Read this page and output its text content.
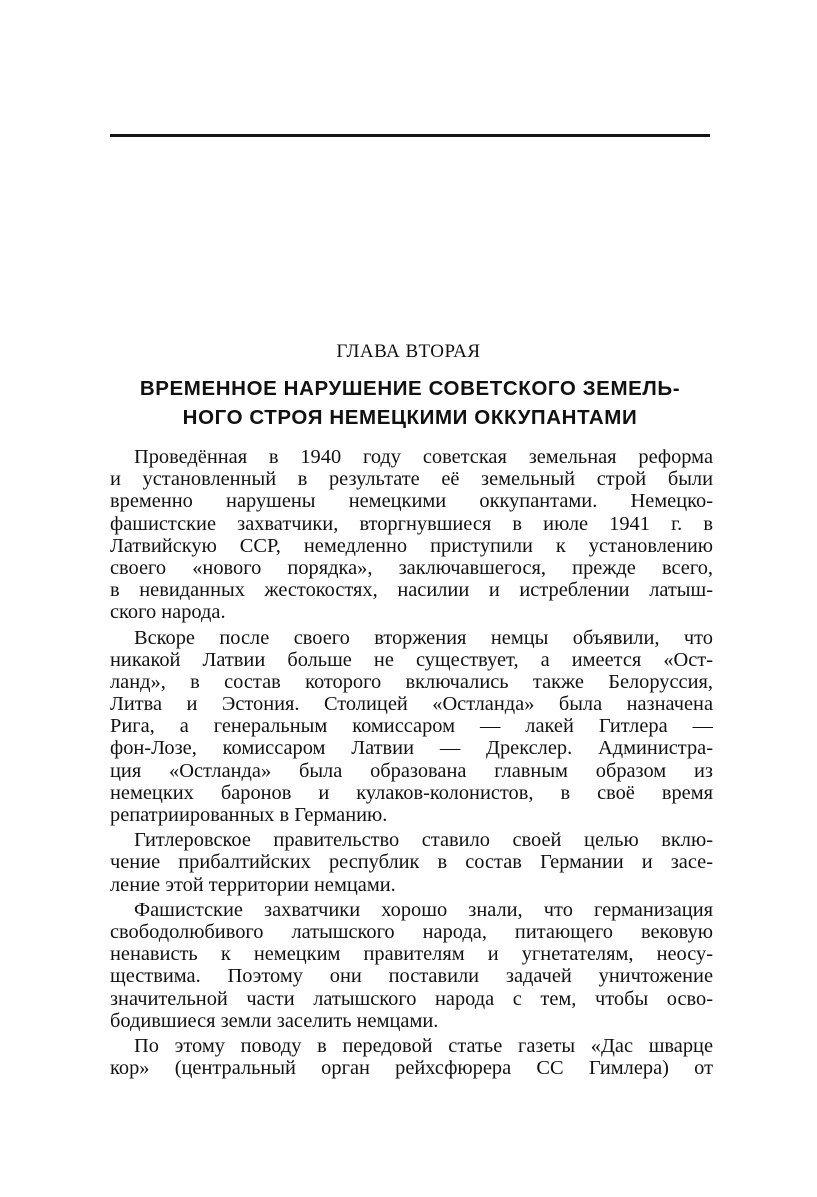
ГЛАВА ВТОРАЯ
ВРЕМЕННОЕ НАРУШЕНИЕ СОВЕТСКОГО ЗЕМЕЛЬ-
НОГО СТРОЯ НЕМЕЦКИМИ ОККУПАНТАМИ

Проведённая в 1940 году советская земельная реформа
и установленный в результате её земельный строй были
временно нарушены немецкими оккупантами. Немецко-
фашистские захватчики, вторгнувшиеся в июле 1941 г. в
Латвийскую ССР, немедленно приступили к установлению
своего «нового порядка», заключавшегося, прежде всего,
в невиданных жестокостях, насилии и истреблении латыш-
ского народа.

Вскоре после своего вторжения немцы объявили, что
никакой Латвии больше не существует, а имеется «Ост-
ланд», в состав которого включались также Белоруссия,
Литва и Эстония. Столицей «Остланда» была назначена
Рига, а генеральным комиссаром — лакей Гитлера —
фон-Лозе, комиссаром Латвии — Дрекслер. Администра-
ция «Остланда» была образована главным образом из
немецких баронов и кулаков-колонистов, в своё время
репатриированных в Германию.

Гитлеровское правительство ставило своей целью вклю-
чение прибалтийских республик в состав Германии и засе-
ление этой территории немцами.

Фашистские захватчики хорошо знали, что германизация
свободолюбивого латышского народа, питающего вековую
ненависть к немецким правителям и угнетателям, неосу-
ществима. Поэтому они поставили задачей уничтожение
значительной части латышского народа с тем, чтобы осво-
бодившиеся земли заселить немцами.

По этому поводу в передовой статье газеты «Дас шварце
кор» (центральный орган рейхсфюрера СС Гимлера) от
